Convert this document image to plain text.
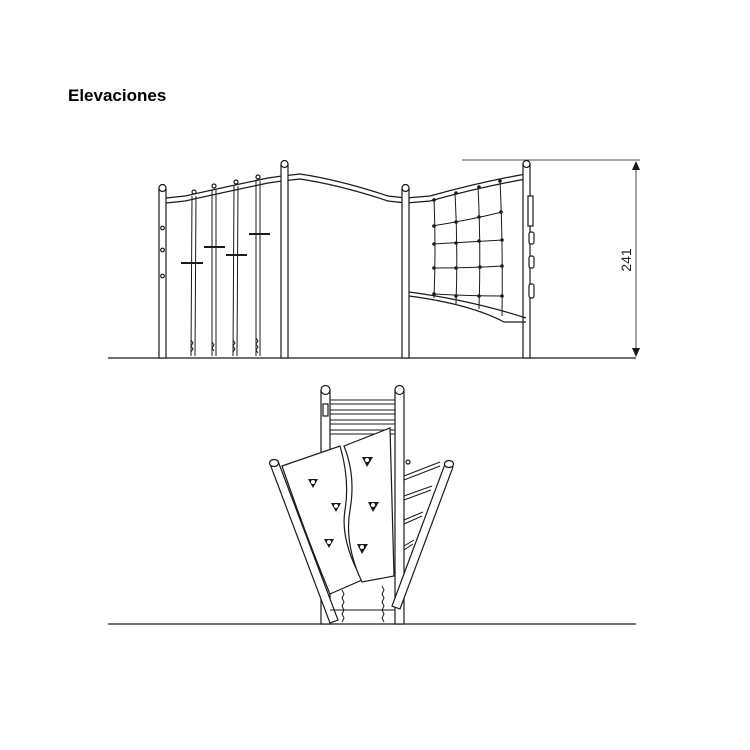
Elevaciones
241
